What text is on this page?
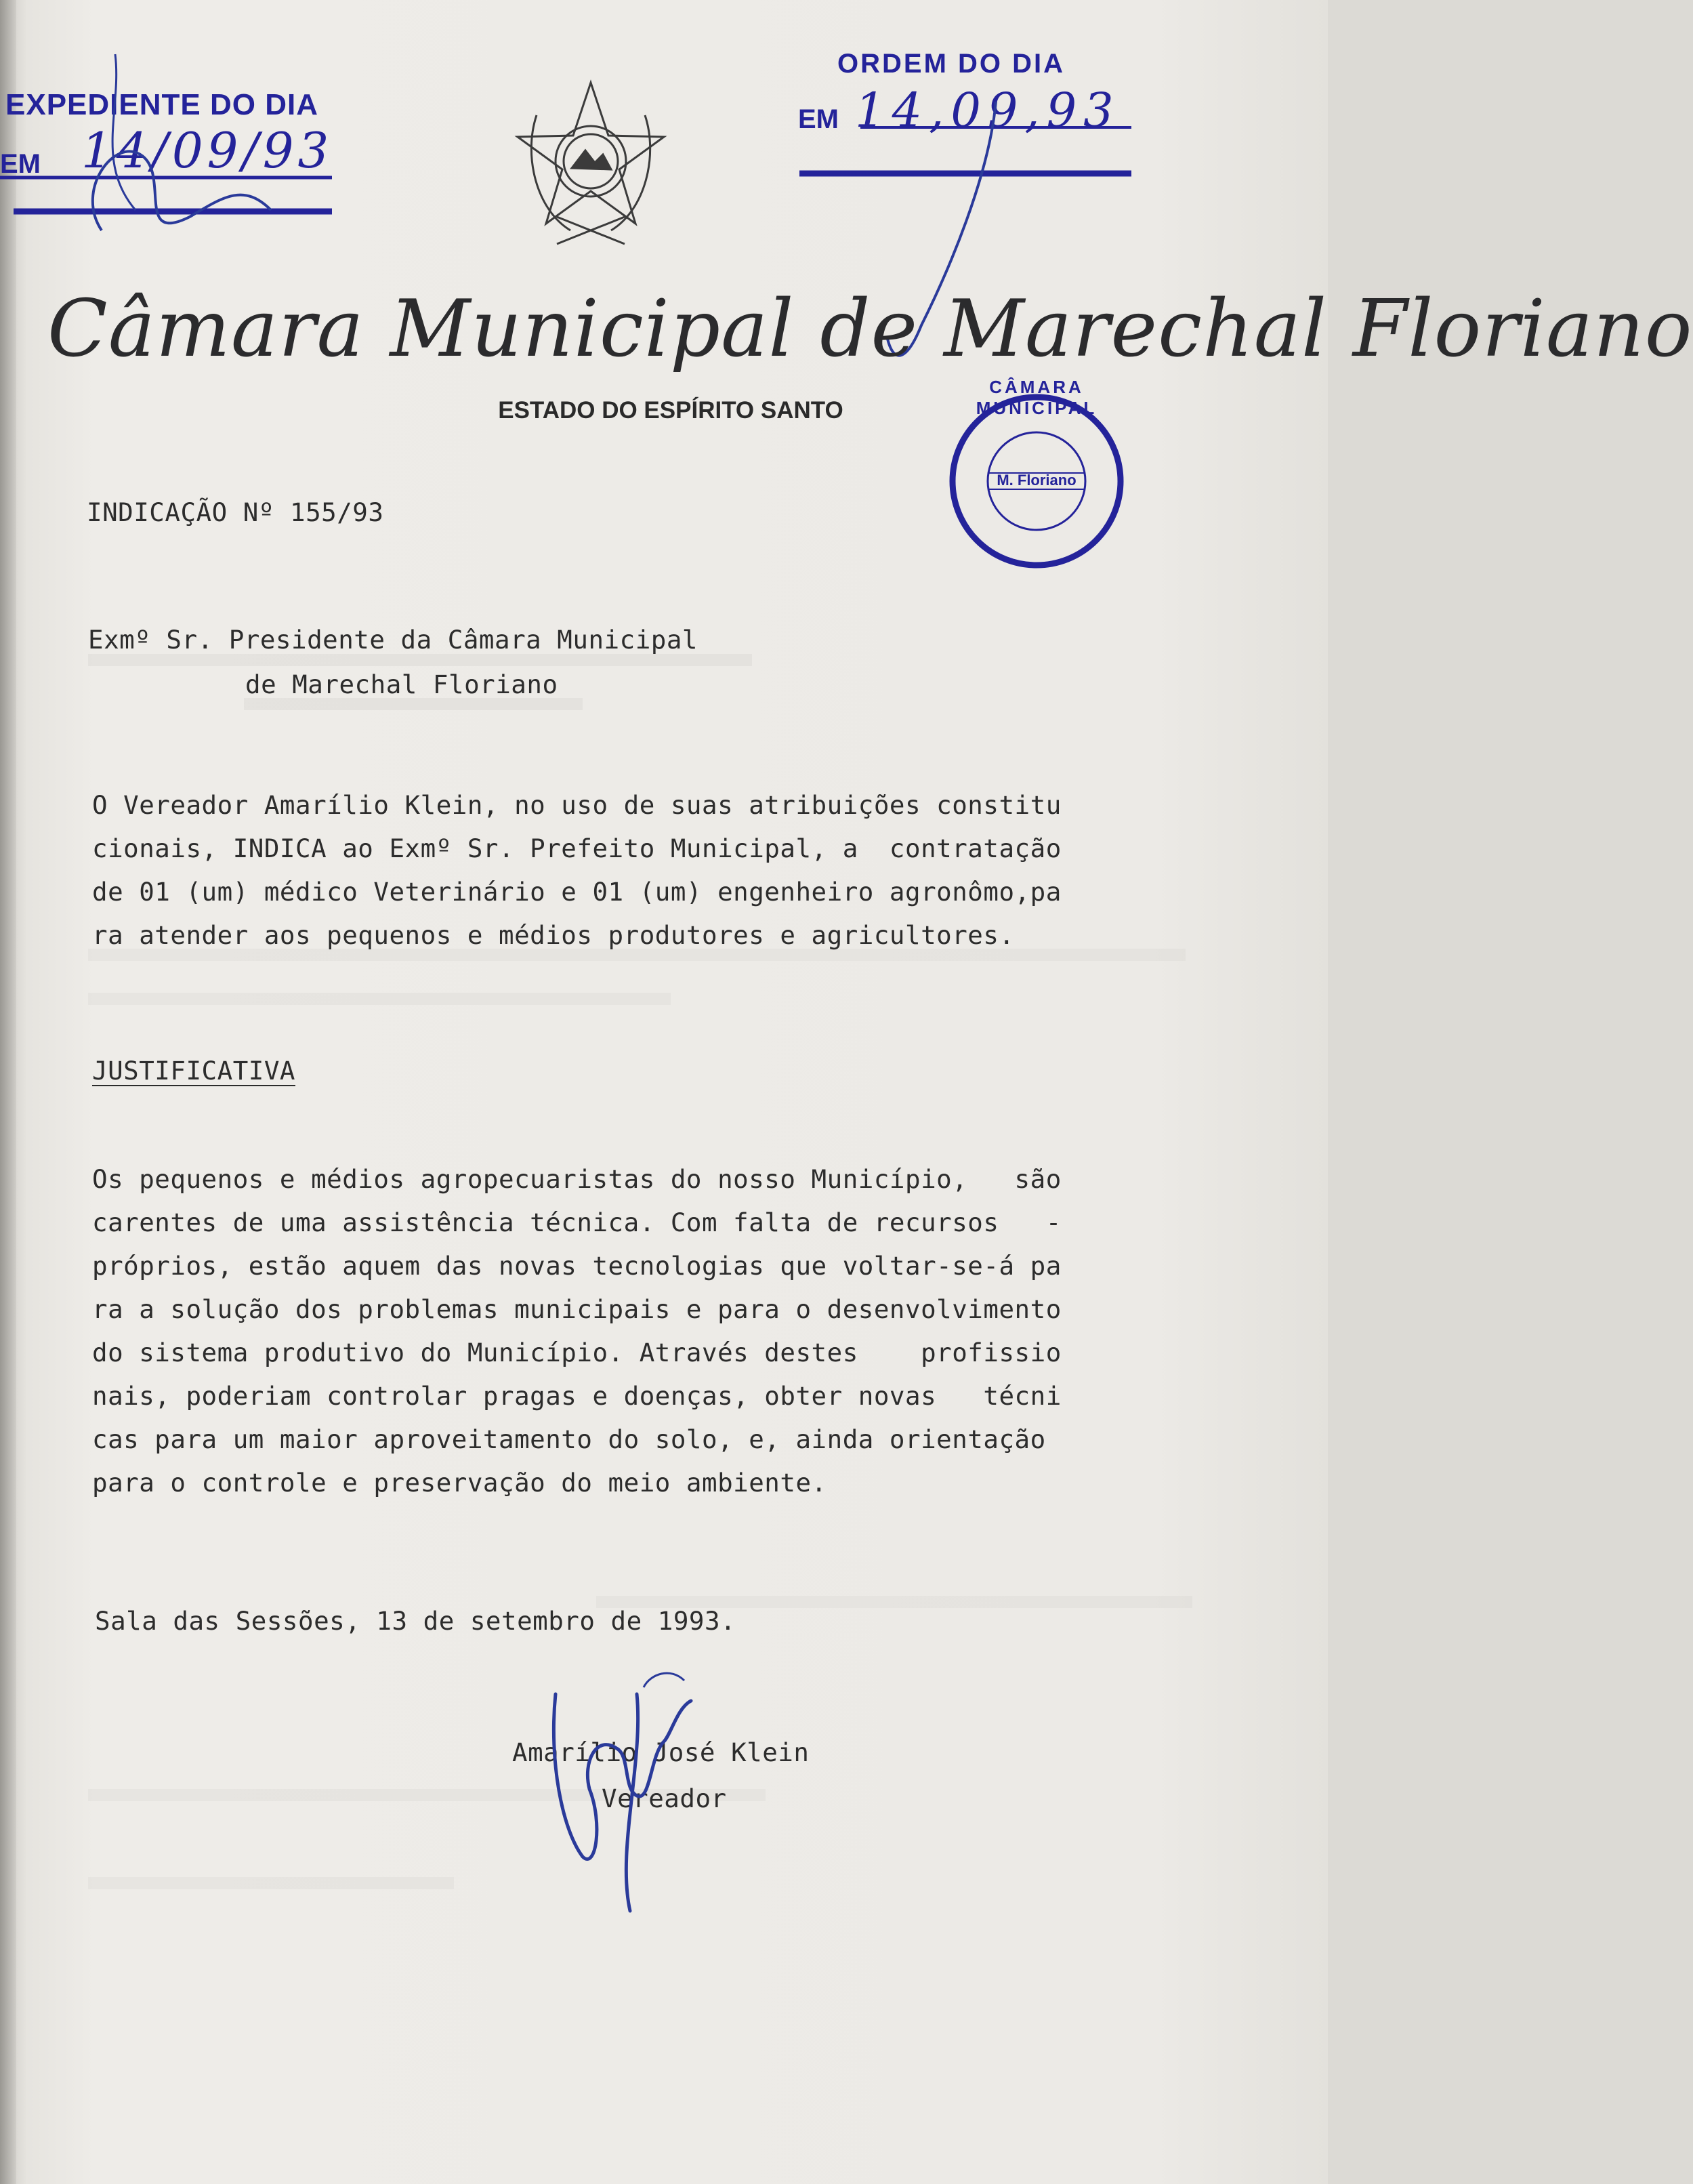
EXPEDIENTE DO DIA
EM 14/09/93
ORDEM DO DIA
EM 14,09,93
Câmara Municipal de Marechal Floriano
ESTADO DO ESPÍRITO SANTO
CÂMARA MUNICIPAL
M. Floriano
INDICAÇÃO Nº 155/93
Exmº Sr. Presidente da Câmara Municipal
de Marechal Floriano
O Vereador Amarílio Klein, no uso de suas atribuições constitu
cionais, INDICA ao Exmº Sr. Prefeito Municipal, a  contratação
de 01 (um) médico Veterinário e 01 (um) engenheiro agronômo,pa
ra atender aos pequenos e médios produtores e agricultores.
JUSTIFICATIVA
Os pequenos e médios agropecuaristas do nosso Município,   são
carentes de uma assistência técnica. Com falta de recursos   -
próprios, estão aquem das novas tecnologias que voltar-se-á pa
ra a solução dos problemas municipais e para o desenvolvimento
do sistema produtivo do Município. Através destes    profissio
nais, poderiam controlar pragas e doenças, obter novas   técni
cas para um maior aproveitamento do solo, e, ainda orientação
para o controle e preservação do meio ambiente.
Sala das Sessões, 13 de setembro de 1993.
Amarílio José Klein
Vereador
